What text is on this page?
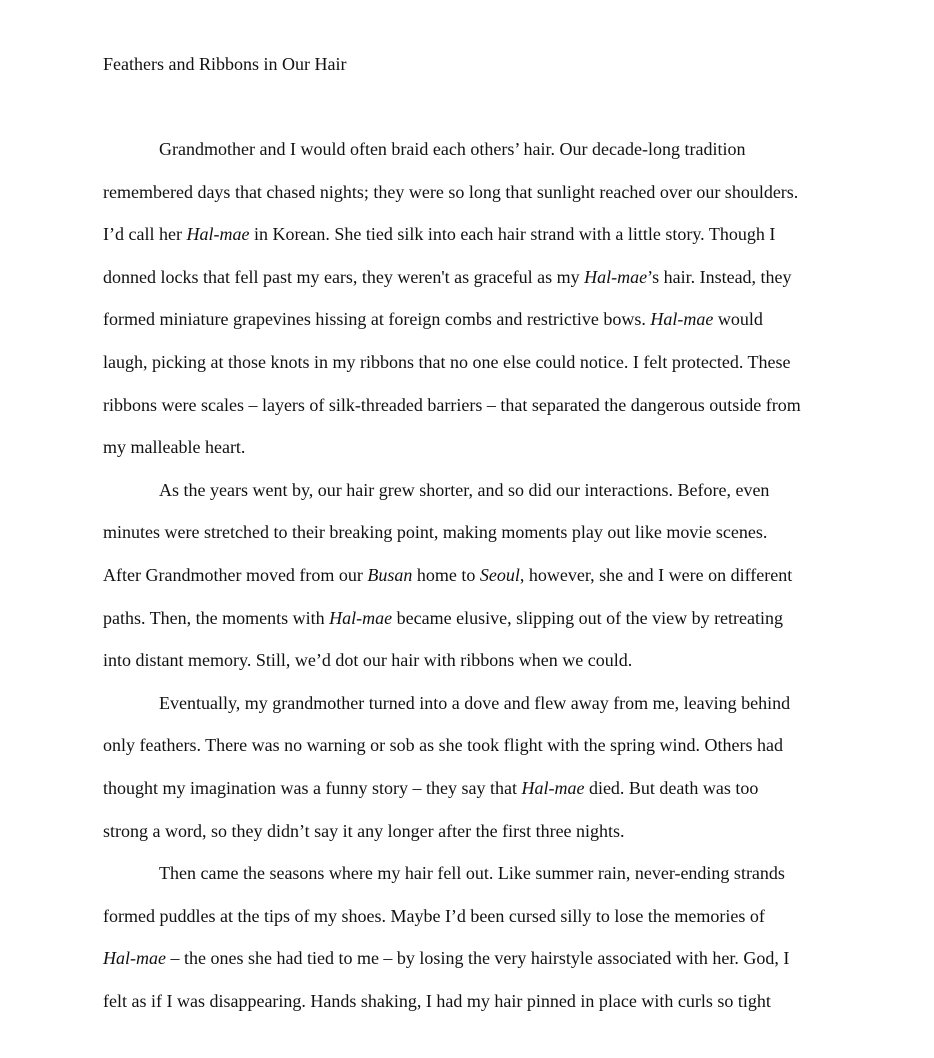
Feathers and Ribbons in Our Hair
Grandmother and I would often braid each others’ hair. Our decade-long tradition
remembered days that chased nights; they were so long that sunlight reached over our shoulders.
I’d call her Hal-mae in Korean. She tied silk into each hair strand with a little story. Though I
donned locks that fell past my ears, they weren't as graceful as my Hal-mae’s hair. Instead, they
formed miniature grapevines hissing at foreign combs and restrictive bows. Hal-mae would
laugh, picking at those knots in my ribbons that no one else could notice. I felt protected. These
ribbons were scales – layers of silk-threaded barriers – that separated the dangerous outside from
my malleable heart.
As the years went by, our hair grew shorter, and so did our interactions. Before, even
minutes were stretched to their breaking point, making moments play out like movie scenes.
After Grandmother moved from our Busan home to Seoul, however, she and I were on different
paths. Then, the moments with Hal-mae became elusive, slipping out of the view by retreating
into distant memory. Still, we’d dot our hair with ribbons when we could.
Eventually, my grandmother turned into a dove and flew away from me, leaving behind
only feathers. There was no warning or sob as she took flight with the spring wind. Others had
thought my imagination was a funny story – they say that Hal-mae died. But death was too
strong a word, so they didn’t say it any longer after the first three nights.
Then came the seasons where my hair fell out. Like summer rain, never-ending strands
formed puddles at the tips of my shoes. Maybe I’d been cursed silly to lose the memories of
Hal-mae – the ones she had tied to me – by losing the very hairstyle associated with her. God, I
felt as if I was disappearing. Hands shaking, I had my hair pinned in place with curls so tight
